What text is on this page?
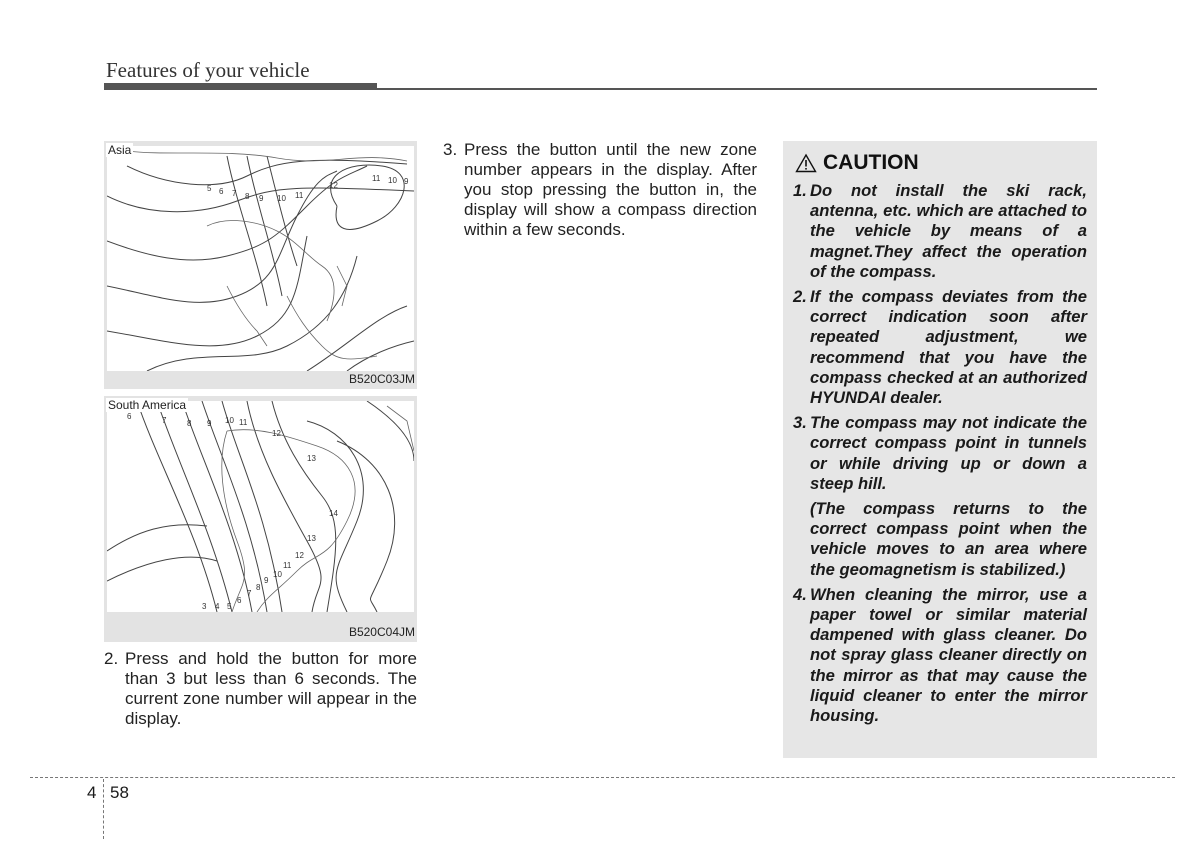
Features of your vehicle
5 6 7 8 9 10 11
12
11 10 9
Asia
B520C03JM
6	7	8 9 10 11
12
13
14
13
12
11
10
9
8
7
6
5
4
3
South America
B520C04JM
2. Press and hold the button for more than 3 but less than 6 seconds. The current zone number will appear in the display.
3. Press the button until the new zone number appears in the display. After you stop pressing the button in, the display will show a compass direction within a few seconds.
CAUTION
1. Do not install the ski rack, antenna, etc. which are attached to the vehicle by means of a magnet.They affect the operation of the compass.
2. If the compass deviates from the correct indication soon after repeated adjustment, we recommend that you have the compass checked at an authorized HYUNDAI dealer.
3. The compass may not indicate the correct compass point in tunnels or while driving up or down a steep hill.
(The compass returns to the correct compass point when the vehicle moves to an area where the geomagnetism is stabilized.)
4. When cleaning the mirror, use a paper towel or similar material dampened with glass cleaner. Do not spray glass cleaner directly on the mirror as that may cause the liquid cleaner to enter the mirror housing.
4 58
